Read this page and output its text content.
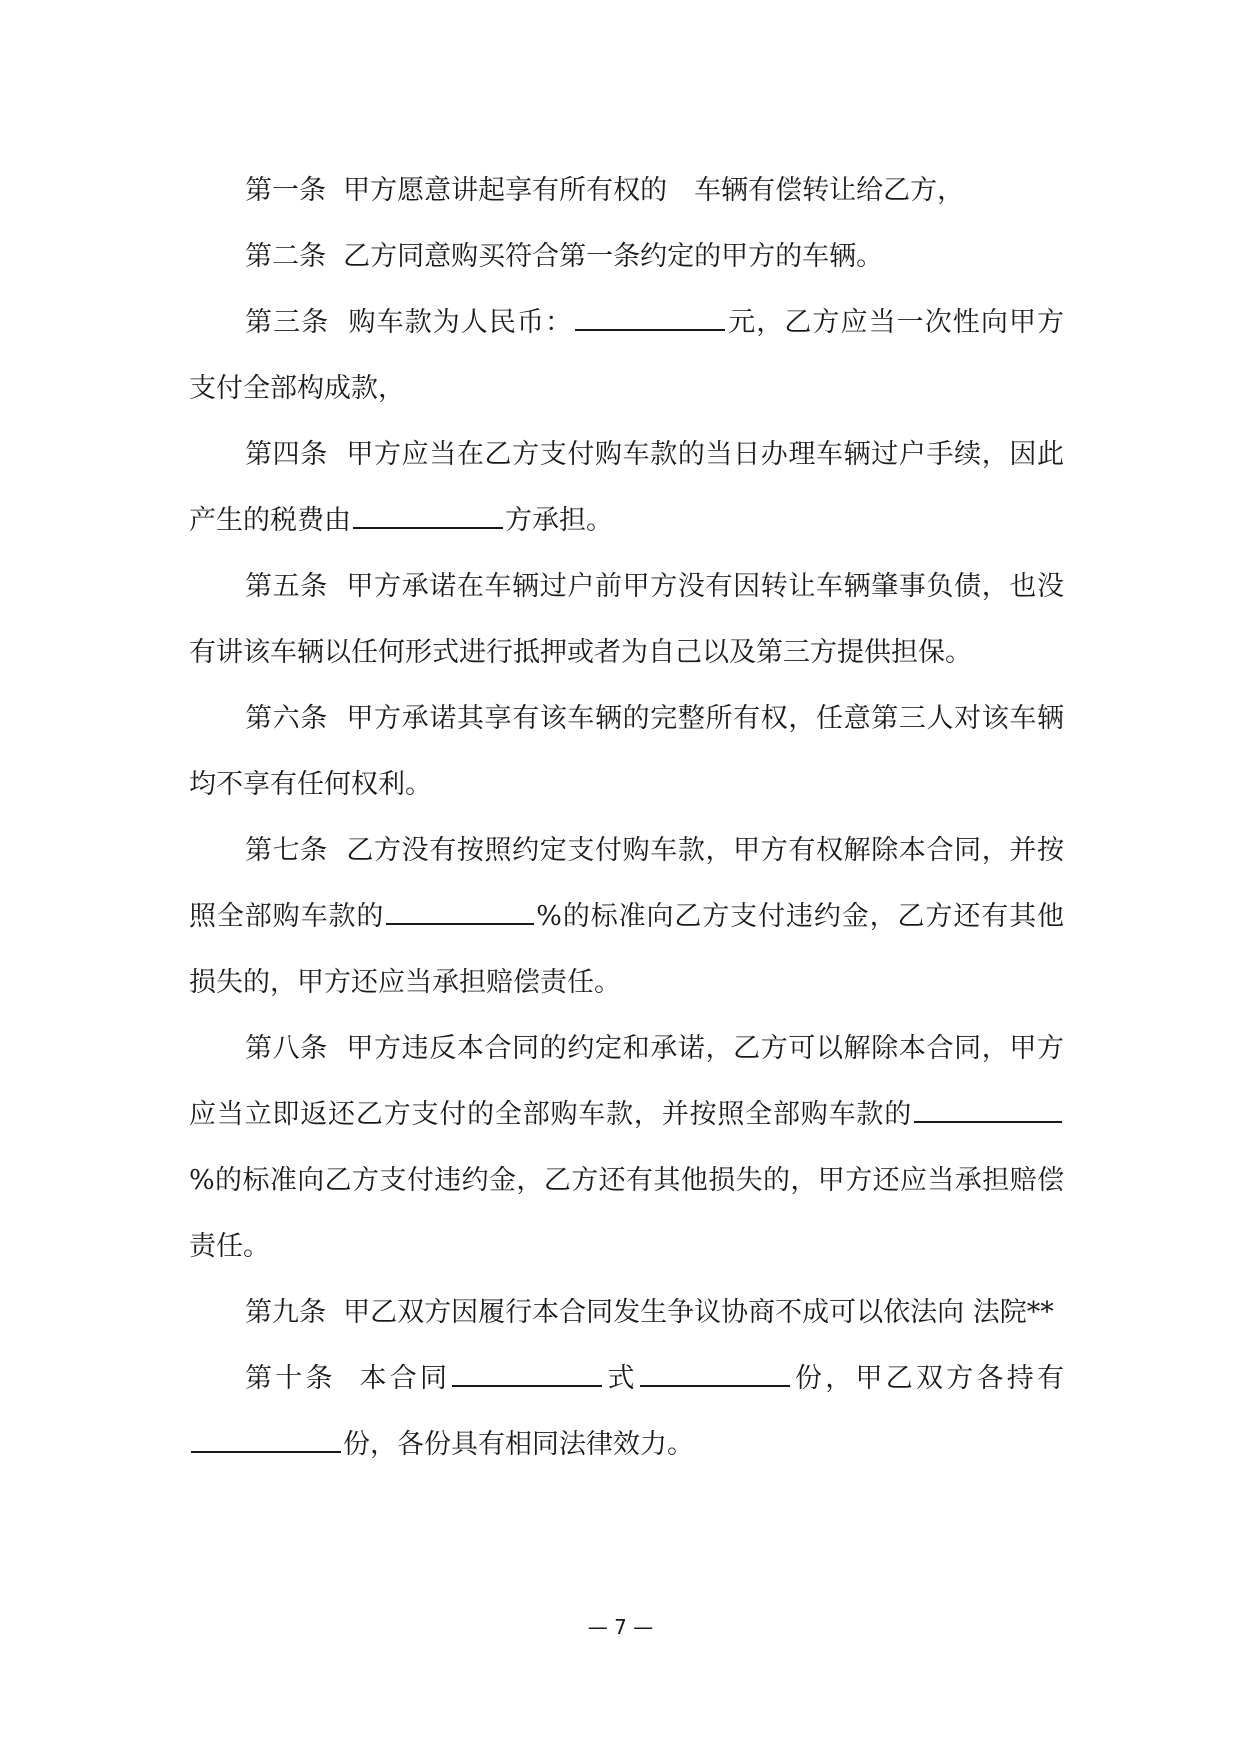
第一条 甲方愿意讲起享有所有权的　车辆有偿转让给乙方，

第二条 乙方同意购买符合第一条约定的甲方的车辆。

第三条 购车款为人民币：	元，乙方应当一次性向甲方支付全部构成款，

第四条 甲方应当在乙方支付购车款的当日办理车辆过户手续，因此产生的税费由	方承担。

第五条 甲方承诺在车辆过户前甲方没有因转让车辆肇事负债，也没有讲该车辆以任何形式进行抵押或者为自己以及第三方提供担保。

第六条 甲方承诺其享有该车辆的完整所有权，任意第三人对该车辆均不享有任何权利。

第七条 乙方没有按照约定支付购车款，甲方有权解除本合同，并按照全部购车款的	%的标准向乙方支付违约金，乙方还有其他损失的，甲方还应当承担赔偿责任。

第八条 甲方违反本合同的约定和承诺，乙方可以解除本合同，甲方应当立即返还乙方支付的全部购车款，并按照全部购车款的%的标准向乙方支付违约金，乙方还有其他损失的，甲方还应当承担赔偿责任。

第九条 甲乙双方因履行本合同发生争议协商不成可以依法向 法院**

第十条 本合同	式	份，甲乙双方各持有份，各份具有相同法律效力。

— 7 —
